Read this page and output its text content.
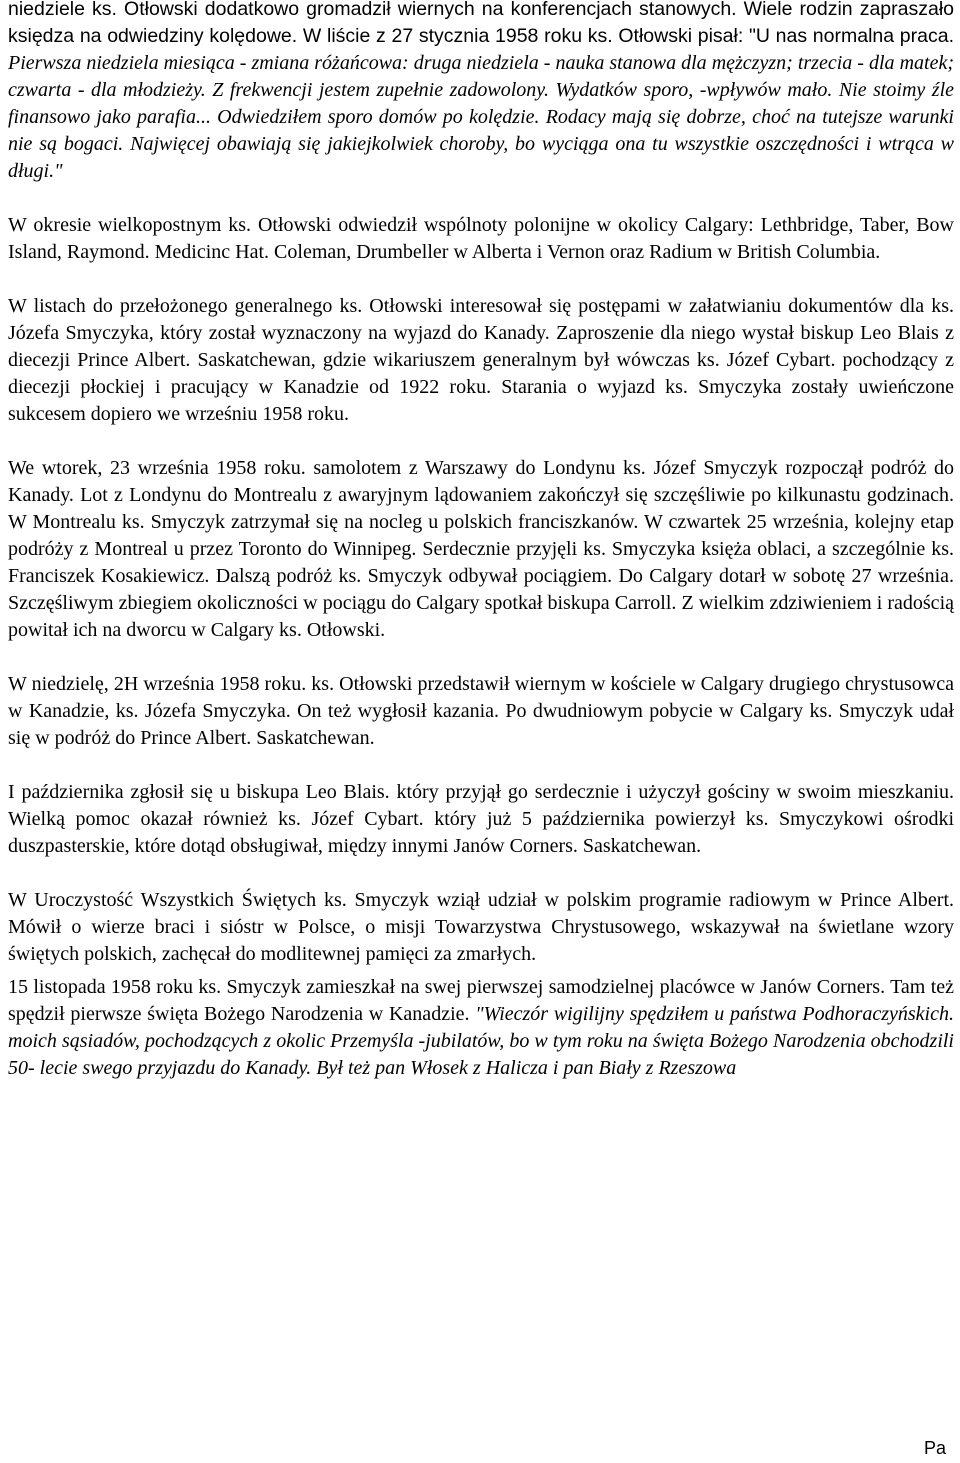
niedziele ks. Otłowski dodatkowo gromadził wiernych na konferencjach stanowych. Wiele rodzin zapraszało księdza na odwiedziny kolędowe. W liście z 27 stycznia 1958 roku ks. Otłowski pisał: "U nas normalna praca. Pierwsza niedziela miesiąca - zmiana różańcowa: druga niedziela - nauka stanowa dla mężczyzn; trzecia - dla matek; czwarta - dla młodzieży. Z frekwencji jestem zupełnie zadowolony. Wydatków sporo, -wpływów mało. Nie stoimy źle finansowo jako parafia... Odwiedziłem sporo domów po kolędzie. Rodacy mają się dobrze, choć na tutejsze warunki nie są bogaci. Najwięcej obawiają się jakiejkolwiek choroby, bo wyciąga ona tu wszystkie oszczędności i wtrąca w długi."

W okresie wielkopostnym ks. Otłowski odwiedził wspólnoty polonijne w okolicy Calgary: Lethbridge, Taber, Bow Island, Raymond. Medicinc Hat. Coleman, Drumbeller w Alberta i Vernon oraz Radium w British Columbia.

W listach do przełożonego generalnego ks. Otłowski interesował się postępami w załatwianiu dokumentów dla ks. Józefa Smyczyka, który został wyznaczony na wyjazd do Kanady. Zaproszenie dla niego wystał biskup Leo Blais z diecezji Prince Albert. Saskatchewan, gdzie wikariuszem generalnym był wówczas ks. Józef Cybart. pochodzący z diecezji płockiej i pracujący w Kanadzie od 1922 roku. Starania o wyjazd ks. Smyczyka zostały uwieńczone sukcesem dopiero we wrześniu 1958 roku.

We wtorek, 23 września 1958 roku. samolotem z Warszawy do Londynu ks. Józef Smyczyk rozpoczął podróż do Kanady. Lot z Londynu do Montrealu z awaryjnym lądowaniem zakończył się szczęśliwie po kilkunastu godzinach. W Montrealu ks. Smyczyk zatrzymał się na nocleg u polskich franciszkanów. W czwartek 25 września, kolejny etap podróży z Montreal u przez Toronto do Winnipeg. Serdecznie przyjęli ks. Smyczyka księża oblaci, a szczególnie ks. Franciszek Kosakiewicz. Dalszą podróż ks. Smyczyk odbywał pociągiem. Do Calgary dotarł w sobotę 27 września. Szczęśliwym zbiegiem okoliczności w pociągu do Calgary spotkał biskupa Carroll. Z wielkim zdziwieniem i radością powitał ich na dworcu w Calgary ks. Otłowski.

W niedzielę, 2H września 1958 roku. ks. Otłowski przedstawił wiernym w kościele w Calgary drugiego chrystusowca w Kanadzie, ks. Józefa Smyczyka. On też wygłosił kazania. Po dwudniowym pobycie w Calgary ks. Smyczyk udał się w podróż do Prince Albert. Saskatchewan.

I października zgłosił się u biskupa Leo Blais. który przyjął go serdecznie i użyczył gościny w swoim mieszkaniu. Wielką pomoc okazał również ks. Józef Cybart. który już 5 października powierzył ks. Smyczykowi ośrodki duszpasterskie, które dotąd obsługiwał, między innymi Janów Corners. Saskatchewan.

W Uroczystość Wszystkich Świętych ks. Smyczyk wziął udział w polskim programie radiowym w Prince Albert. Mówił o wierze braci i sióstr w Polsce, o misji Towarzystwa Chrystusowego, wskazywał na świetlane wzory świętych polskich, zachęcał do modlitewnej pamięci za zmarłych.

15 listopada 1958 roku ks. Smyczyk zamieszkał na swej pierwszej samodzielnej placówce w Janów Corners. Tam też spędził pierwsze święta Bożego Narodzenia w Kanadzie. "Wieczór wigilijny spędziłem u państwa Podhoraczyńskich. moich sąsiadów, pochodzących z okolic Przemyśla -jubilatów, bo w tym roku na święta Bożego Narodzenia obchodzili 50- lecie swego przyjazdu do Kanady. Był też pan Włosek z Halicza i pan Biały z Rzeszowa

Pa
